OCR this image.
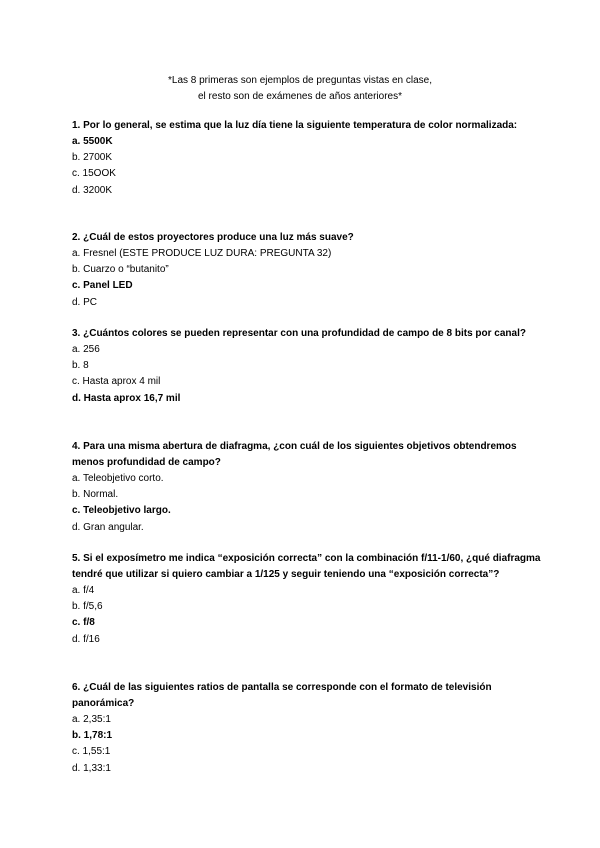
*Las 8 primeras son ejemplos de preguntas vistas en clase,
el resto son de exámenes de años anteriores*

1. Por lo general, se estima que la luz día tiene la siguiente temperatura de color normalizada:

a. 5500K

b. 2700K

c. 15OOK

d. 3200K

2. ¿Cuál de estos proyectores produce una luz más suave?

a. Fresnel (ESTE PRODUCE LUZ DURA: PREGUNTA 32)

b. Cuarzo o “butanito”

c. Panel LED

d. PC

3. ¿Cuántos colores se pueden representar con una profundidad de campo de 8 bits por canal?

a. 256

b. 8

c. Hasta aprox 4 mil

d. Hasta aprox 16,7 mil

4. Para una misma abertura de diafragma, ¿con cuál de los siguientes objetivos obtendremos menos profundidad de campo?

a. Teleobjetivo corto.

b. Normal.

c. Teleobjetivo largo.

d. Gran angular.

5. Si el exposímetro me indica “exposición correcta” con la combinación f/11-1/60, ¿qué diafragma tendré que utilizar si quiero cambiar a 1/125 y seguir teniendo una “exposición correcta”?

a. f/4

b. f/5,6

c. f/8

d. f/16

6. ¿Cuál de las siguientes ratios de pantalla se corresponde con el formato de televisión panorámica?

a. 2,35:1

b. 1,78:1

c. 1,55:1

d. 1,33:1
